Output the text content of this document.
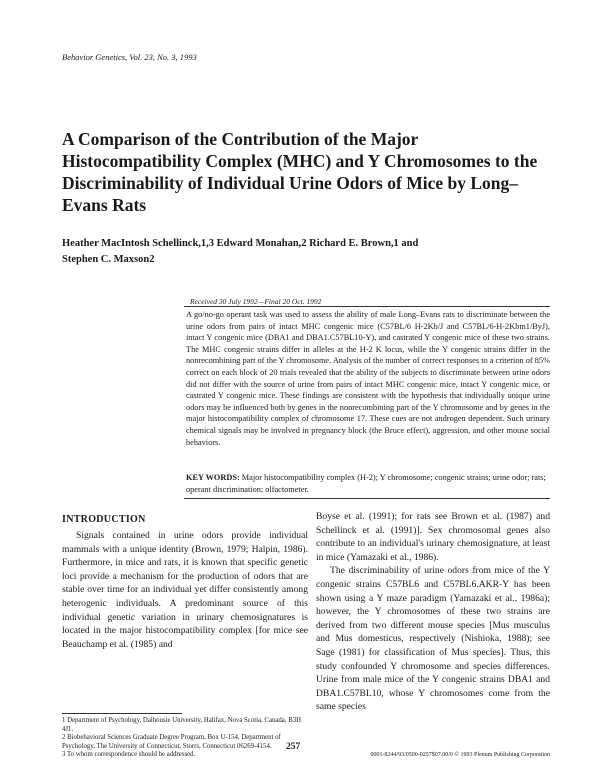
Behavior Genetics, Vol. 23, No. 3, 1993
A Comparison of the Contribution of the Major Histocompatibility Complex (MHC) and Y Chromosomes to the Discriminability of Individual Urine Odors of Mice by Long–Evans Rats
Heather MacIntosh Schellinck,1,3 Edward Monahan,2 Richard E. Brown,1 and
Stephen C. Maxson2
Received 30 July 1992—Final 20 Oct. 1992
A go/no-go operant task was used to assess the ability of male Long–Evans rats to discriminate between the urine odors from pairs of intact MHC congenic mice (C57BL/6 H-2Kb/J and C57BL/6-H-2Kbm1/ByJ), intact Y congenic mice (DBA1 and DBA1.C57BL10-Y), and castrated Y congenic mice of these two strains. The MHC congenic strains differ in alleles at the H-2 K locus, while the Y congenic strains differ in the nonrecombining part of the Y chromosome. Analysis of the number of correct responses to a criterion of 85% correct on each block of 20 trials revealed that the ability of the subjects to discriminate between urine odors did not differ with the source of urine from pairs of intact MHC congenic mice, intact Y congenic mice, or castrated Y congenic mice. These findings are consistent with the hypothesis that individually unique urine odors may be influenced both by genes in the nonrecombining part of the Y chromosome and by genes in the major histocompatibility complex of chromosome 17. These cues are not androgen dependent. Such urinary chemical signals may be involved in pregnancy block (the Bruce effect), aggression, and other mouse social behaviors.
KEY WORDS: Major histocompatibility complex (H-2); Y chromosome; congenic strains; urine odor; rats; operant discrimination; olfactometer.
INTRODUCTION

Signals contained in urine odors provide individual mammals with a unique identity (Brown, 1979; Halpin, 1986). Furthermore, in mice and rats, it is known that specific genetic loci provide a mechanism for the production of odors that are stable over time for an individual yet differ consistently among heterogenic individuals. A predominant source of this individual genetic variation in urinary chemosignatures is located in the major histocompatibility complex [for mice see Beauchamp et al. (1985) and

Boyse et al. (1991); for rats see Brown et al. (1987) and Schellinck et al. (1991)]. Sex chromosomal genes also contribute to an individual's urinary chemosignature, at least in mice (Yamazaki et al., 1986).

The discriminability of urine odors from mice of the Y congenic strains C57BL6 and C57BL6.AKR-Y has been shown using a Y maze paradigm (Yamazaki et al., 1986a); however, the Y chromosomes of these two strains are derived from two different mouse species [Mus musculus and Mus domesticus, respectively (Nishioka, 1988); see Sage (1981) for classification of Mus species]. Thus, this study confounded Y chromosome and species differences. Urine from male mice of the Y congenic strains DBA1 and DBA1.C57BL10, whose Y chromosomes come from the same species

1 Department of Psychology, Dalhousie University, Halifax, Nova Scotia, Canada, B3H 4J1.

2 Biobehavioral Sciences Graduate Degree Program, Box U-154, Department of Psychology, The University of Connecticut, Storrs, Connecticut 06269-4154.

3 To whom correspondence should be addressed.

257
0001-8244/93/0500-0257$07.00/0 © 1993 Plenum Publishing Corporation
